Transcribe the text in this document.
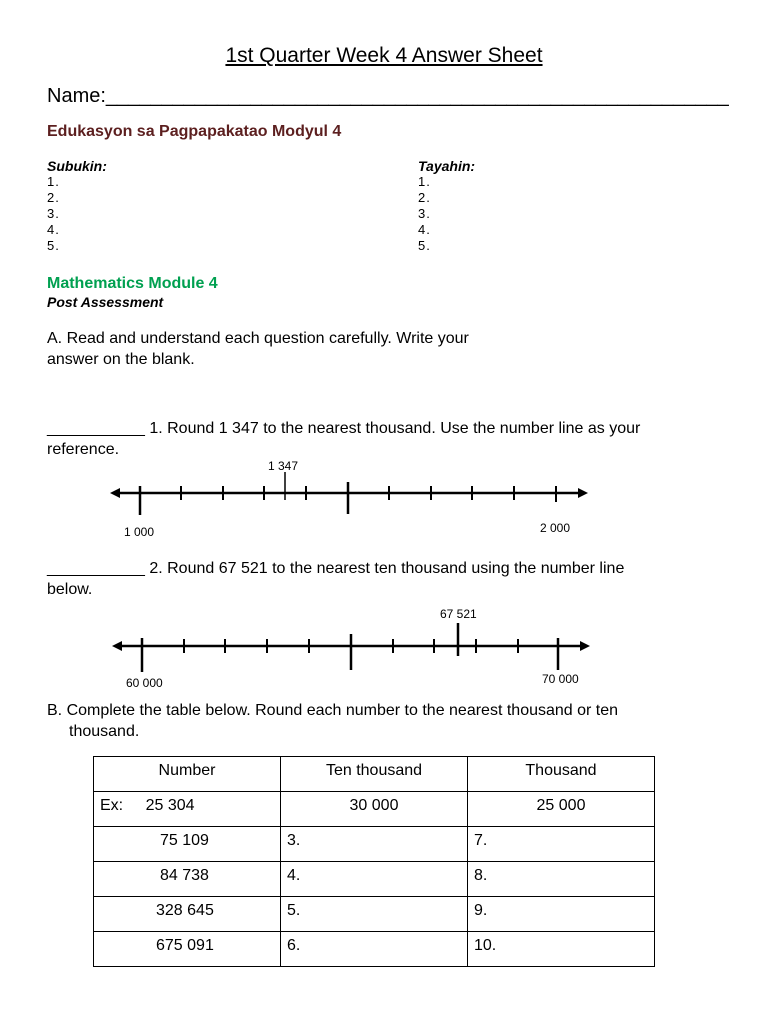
1st Quarter Week 4 Answer Sheet
Name:________________________________________________________
Edukasyon sa Pagpapakatao Modyul 4
Subukin:
1.
2.
3.
4.
5.
Tayahin:
1.
2.
3.
4.
5.
Mathematics Module 4
Post Assessment
A. Read and understand each question carefully. Write your
answer on the blank.
___________ 1. Round 1 347 to the nearest thousand. Use the number line as your
reference.
1 000	2 000
1 347
___________ 2. Round 67 521 to the nearest ten thousand using the number line
below.
60 000	70 000
67 521
B. Complete the table below. Round each number to the nearest thousand or ten
thousand.
Number	Ten thousand	Thousand

Ex: 25 304	30 000	25 000

75 109	3.	7.

84 738	4.	8.

328 645	5.	9.

675 091	6.	10.
